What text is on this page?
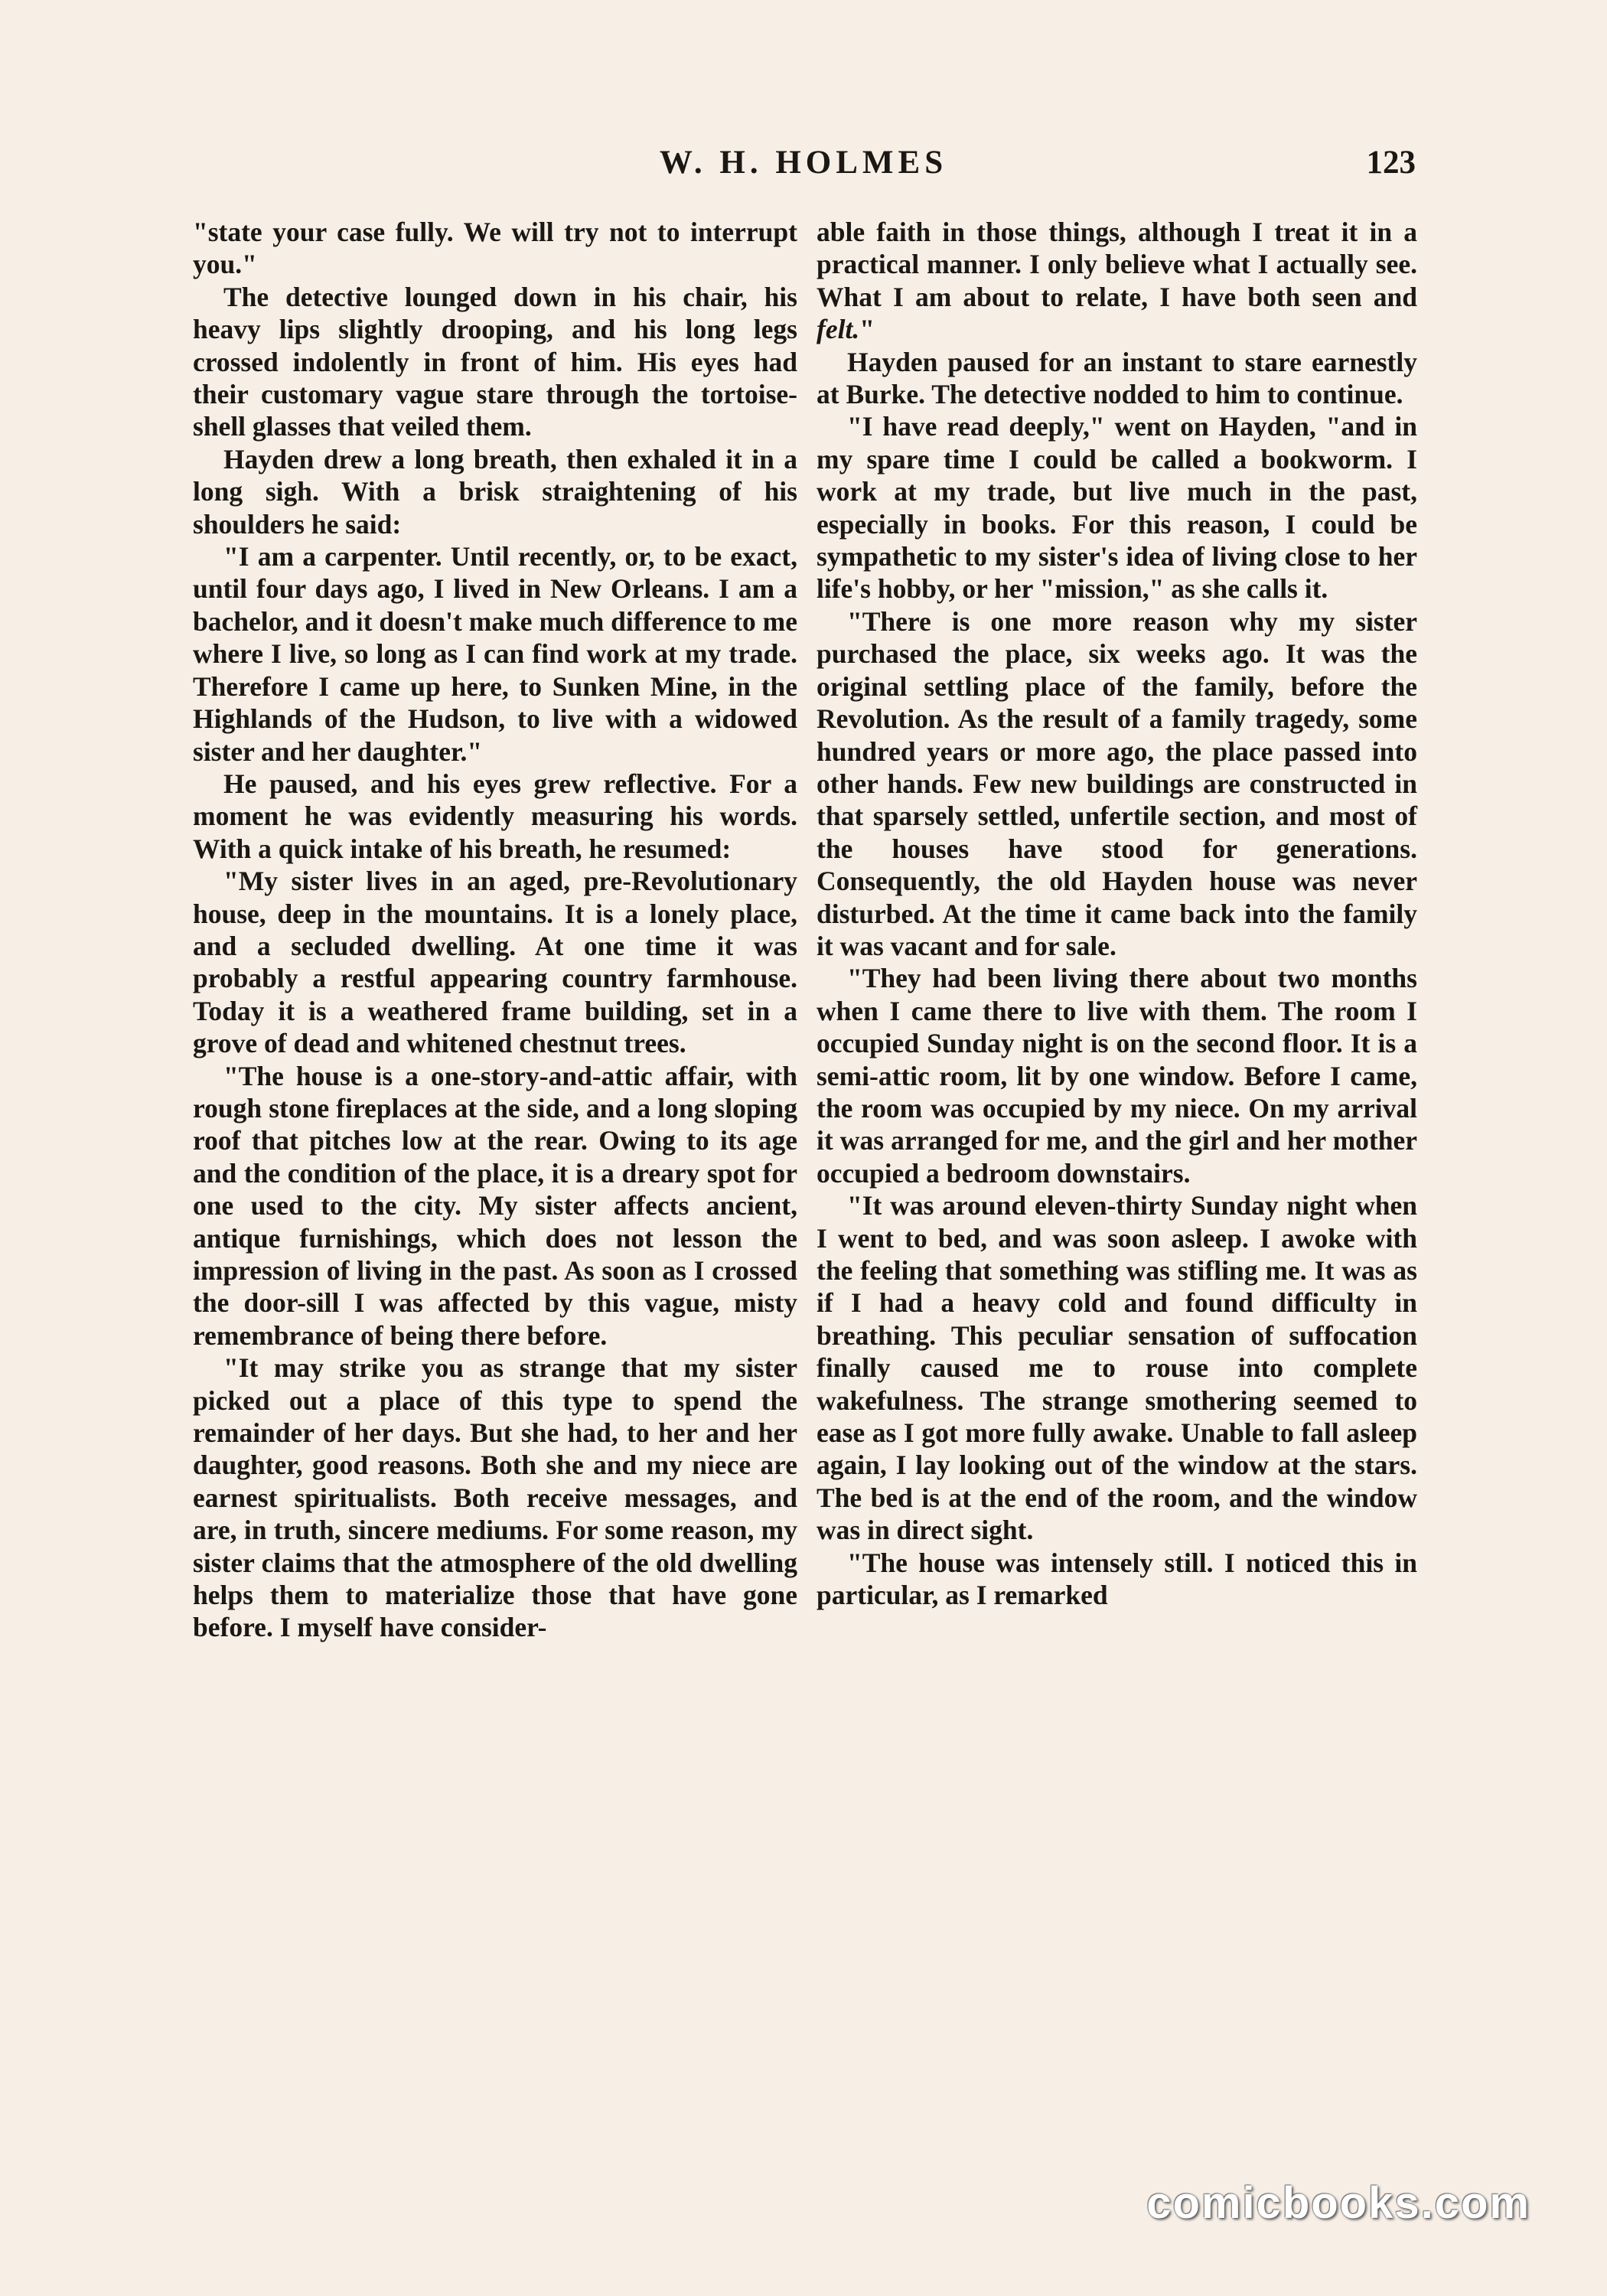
W. H. HOLMES	123

"state your case fully. We will try not to interrupt you."

The detective lounged down in his chair, his heavy lips slightly drooping, and his long legs crossed indolently in front of him. His eyes had their customary vague stare through the tortoise-shell glasses that veiled them.

Hayden drew a long breath, then exhaled it in a long sigh. With a brisk straightening of his shoulders he said:

"I am a carpenter. Until recently, or, to be exact, until four days ago, I lived in New Orleans. I am a bachelor, and it doesn't make much difference to me where I live, so long as I can find work at my trade. Therefore I came up here, to Sunken Mine, in the Highlands of the Hudson, to live with a widowed sister and her daughter."

He paused, and his eyes grew reflective. For a moment he was evidently measuring his words. With a quick intake of his breath, he resumed:

"My sister lives in an aged, pre-Revolutionary house, deep in the mountains. It is a lonely place, and a secluded dwelling. At one time it was probably a restful appearing country farmhouse. Today it is a weathered frame building, set in a grove of dead and whitened chestnut trees.

"The house is a one-story-and-attic affair, with rough stone fireplaces at the side, and a long sloping roof that pitches low at the rear. Owing to its age and the condition of the place, it is a dreary spot for one used to the city. My sister affects ancient, antique furnishings, which does not lesson the impression of living in the past. As soon as I crossed the door-sill I was affected by this vague, misty remembrance of being there before.

"It may strike you as strange that my sister picked out a place of this type to spend the remainder of her days. But she had, to her and her daughter, good reasons. Both she and my niece are earnest spiritualists. Both receive messages, and are, in truth, sincere mediums. For some reason, my sister claims that the atmosphere of the old dwelling helps them to materialize those that have gone before. I myself have consider-

able faith in those things, although I treat it in a practical manner. I only believe what I actually see. What I am about to relate, I have both seen and felt."

Hayden paused for an instant to stare earnestly at Burke. The detective nodded to him to continue.

"I have read deeply," went on Hayden, "and in my spare time I could be called a bookworm. I work at my trade, but live much in the past, especially in books. For this reason, I could be sympathetic to my sister's idea of living close to her life's hobby, or her "mission," as she calls it.

"There is one more reason why my sister purchased the place, six weeks ago. It was the original settling place of the family, before the Revolution. As the result of a family tragedy, some hundred years or more ago, the place passed into other hands. Few new buildings are constructed in that sparsely settled, unfertile section, and most of the houses have stood for generations. Consequently, the old Hayden house was never disturbed. At the time it came back into the family it was vacant and for sale.

"They had been living there about two months when I came there to live with them. The room I occupied Sunday night is on the second floor. It is a semi-attic room, lit by one window. Before I came, the room was occupied by my niece. On my arrival it was arranged for me, and the girl and her mother occupied a bedroom downstairs.

"It was around eleven-thirty Sunday night when I went to bed, and was soon asleep. I awoke with the feeling that something was stifling me. It was as if I had a heavy cold and found difficulty in breathing. This peculiar sensation of suffocation finally caused me to rouse into complete wakefulness. The strange smothering seemed to ease as I got more fully awake. Unable to fall asleep again, I lay looking out of the window at the stars. The bed is at the end of the room, and the window was in direct sight.

"The house was intensely still. I noticed this in particular, as I remarked

comicbooks.com
